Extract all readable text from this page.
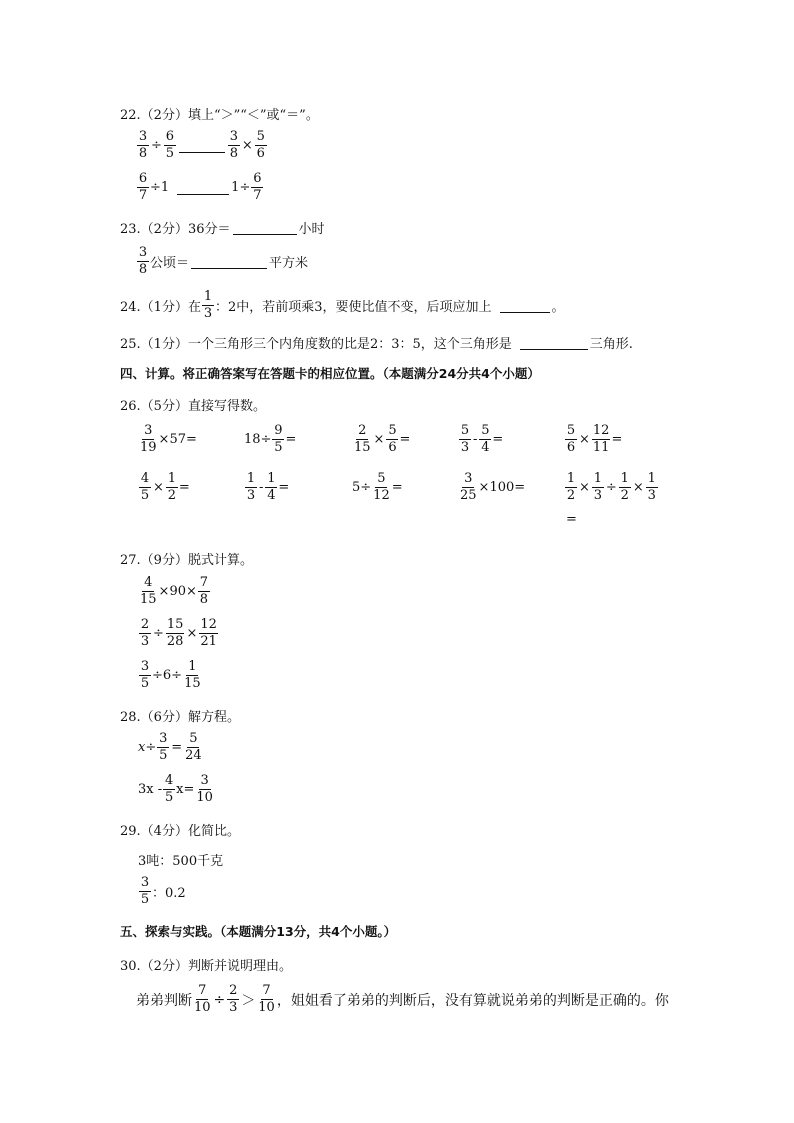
22.（2分）填上“＞”“＜”或“＝”。
$\frac{3}{8} \div \frac{6}{5}$	$\frac{3}{8} \times \frac{5}{6}$
$\frac{6}{7} \div 1$	$1\div \frac{6}{7}$
23.（2分）36分＝	小时
$\frac{3}{8}$ 公顷＝	平方米
24.（1分）在 $\frac{1}{3}$ ：2中，若前项乘3，要使比值不变，后项应加上	。
25.（1分）一个三角形三个内角度数的比是2：3：5，这个三角形是	三角形.
四、计算。将正确答案写在答题卡的相应位置。（本题满分24分共4个小题）
26.（5分）直接写得数。
$\frac{3}{19} \times 57=$	$18\div \frac{9}{5}$ =	$\frac{2}{15} \times \frac{5}{6}$ =	$\frac{5}{3} - \frac{5}{4}$ =	$\frac{5}{6} \times \frac{12}{11}$ =
$\frac{4}{5} \times \frac{1}{2}$ =	$\frac{1}{3} - \frac{1}{4}$ =	$5\div \frac{5}{12}$ =	$\frac{3}{25} \times 100=$	$\frac{1}{2} \times \frac{1}{3} \div \frac{1}{2} \times \frac{1}{3}$
=
27.（9分）脱式计算。
$\frac{4}{15} \times 90\times \frac{7}{8}$
$\frac{2}{3} \div \frac{15}{28} \times \frac{12}{21}$
$\frac{3}{5} \div 6\div \frac{1}{15}$
28.（6分）解方程。
$x\div \frac{3}{5} = \frac{5}{24}$
$3x - \frac{4}{5} x= \frac{3}{10}$
29.（4分）化简比。
3吨：500千克
$\frac{3}{5}$ ：0.2
五、探索与实践。（本题满分13分，共4个小题。）
30.（2分）判断并说明理由。
弟弟判断 $\frac{7}{10} \div \frac{2}{3} > \frac{7}{10}$ ，姐姐看了弟弟的判断后，没有算就说弟弟的判断是正确的。你
